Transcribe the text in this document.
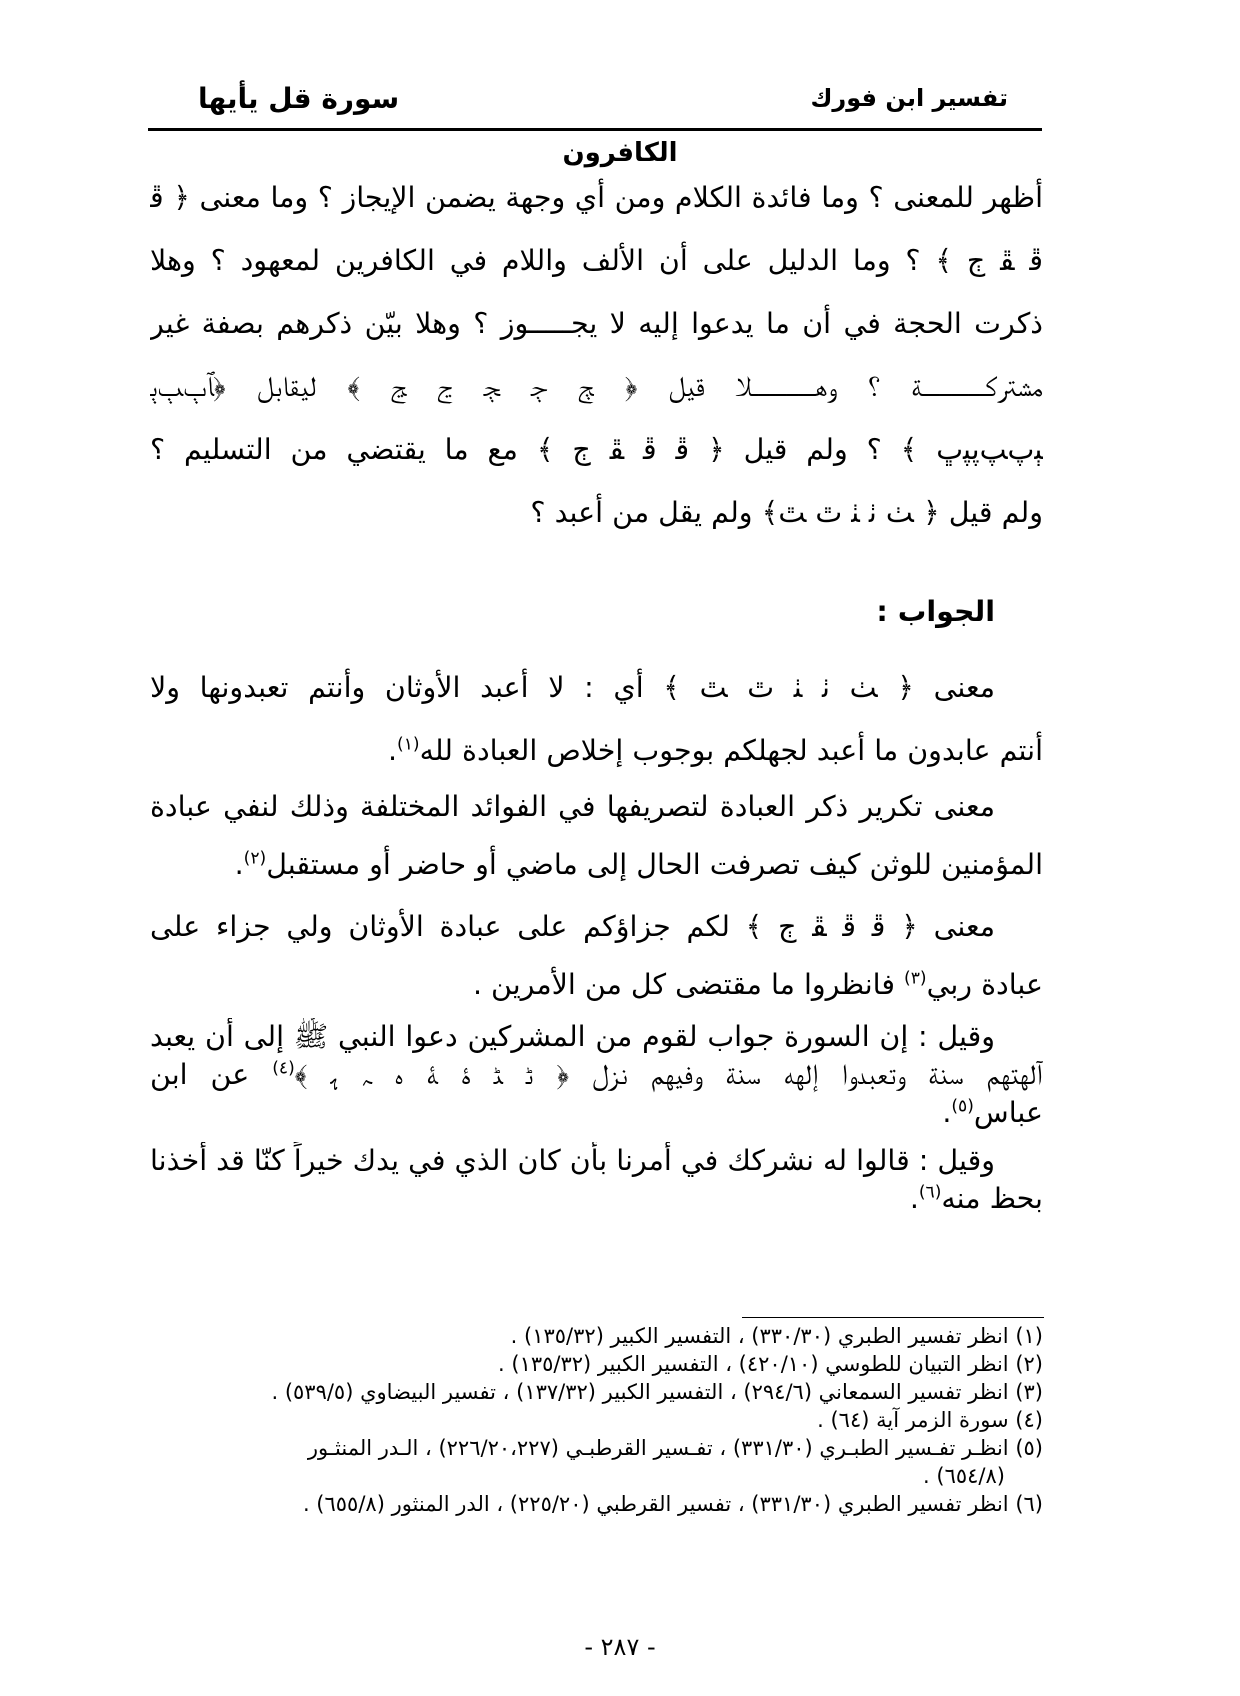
سورة قل يأيها	تفسير ابن فورك
الكافرون
أظهر للمعنى ؟ وما فائدة الكلام ومن أي وجهة يضمن الإيجاز ؟ وما معنى ﴿ ﭰ
ﭰ ﭱ ﭲ ﴾ ؟ وما الدليل على أن الألف واللام في الكافرين لمعهود ؟ وهلا
ذكرت الحجة في أن ما يدعوا إليه لا يجـــــوز ؟ وهلا بيّن ذكرهم بصفة غير
مشتركـــــــــــة ؟ وهـــــــــــلا قيل ﴿ ﭳ ﭴ ﭵ ﭶ ﭷ ﴾ ليقابل ﴿ﭑﭒﭓﭔ
ﭕﭖﭗﭘﭙﭚ ﴾ ؟ ولم قيل ﴿ ﭰ ﭰ ﭱ ﭲ ﴾ مع ما يقتضي من التسليم ؟
ولم قيل ﴿ ﭟ ﭠ ﭡ ﭢ ﭣ﴾ ولم يقل من أعبد ؟
الجواب :
معنى ﴿ ﭟ ﭠ ﭡ ﭢ ﭣ ﴾ أي : لا أعبد الأوثان وأنتم تعبدونها ولا
أنتم عابدون ما أعبد لجهلكم بوجوب إخلاص العبادة لله$^{(١)}$.
معنى تكرير ذكر العبادة لتصريفها في الفوائد المختلفة وذلك لنفي عبادة
المؤمنين للوثن كيف تصرفت الحال إلى ماضي أو حاضر أو مستقبل$^{(٢)}$.
معنى ﴿ ﭰ ﭰ ﭱ ﭲ ﴾ لكم جزاؤكم على عبادة الأوثان ولي جزاء على
عبادة ربي$^{(٣)}$ فانظروا ما مقتضى كل من الأمرين .
وقيل : إن السورة جواب لقوم من المشركين دعوا النبي ﷺ إلى أن يعبد
آلهتهم سنة وتعبدوا إلهه سنة وفيهم نزل ﴿ ﮢ ﮣ ﮤ ﮥ ﮦ ﮧ ﮨ ﴾$^{(٤)}$ عن ابن
عباس$^{(٥)}$.
وقيل : قالوا له نشركك في أمرنا بأن كان الذي في يدك خيراً كنّا قد أخذنا
بحظ منه$^{(٦)}$.
(١) انظر تفسير الطبري (٣٣٠/٣٠) ، التفسير الكبير (١٣٥/٣٢) .
(٢) انظر التبيان للطوسي (٤٢٠/١٠) ، التفسير الكبير (١٣٥/٣٢) .
(٣) انظر تفسير السمعاني (٢٩٤/٦) ، التفسير الكبير (١٣٧/٣٢) ، تفسير البيضاوي (٥٣٩/٥) .
(٤) سورة الزمر آية (٦٤) .
(٥) انظـر تفـسير الطبـري (٣٣١/٣٠) ، تفـسير القرطبـي (٢٢٦/٢٠،٢٢٧) ، الـدر المنثـور
(٦٥٤/٨) .
(٦) انظر تفسير الطبري (٣٣١/٣٠) ، تفسير القرطبي (٢٢٥/٢٠) ، الدر المنثور (٦٥٥/٨) .
- ٢٨٧ -
